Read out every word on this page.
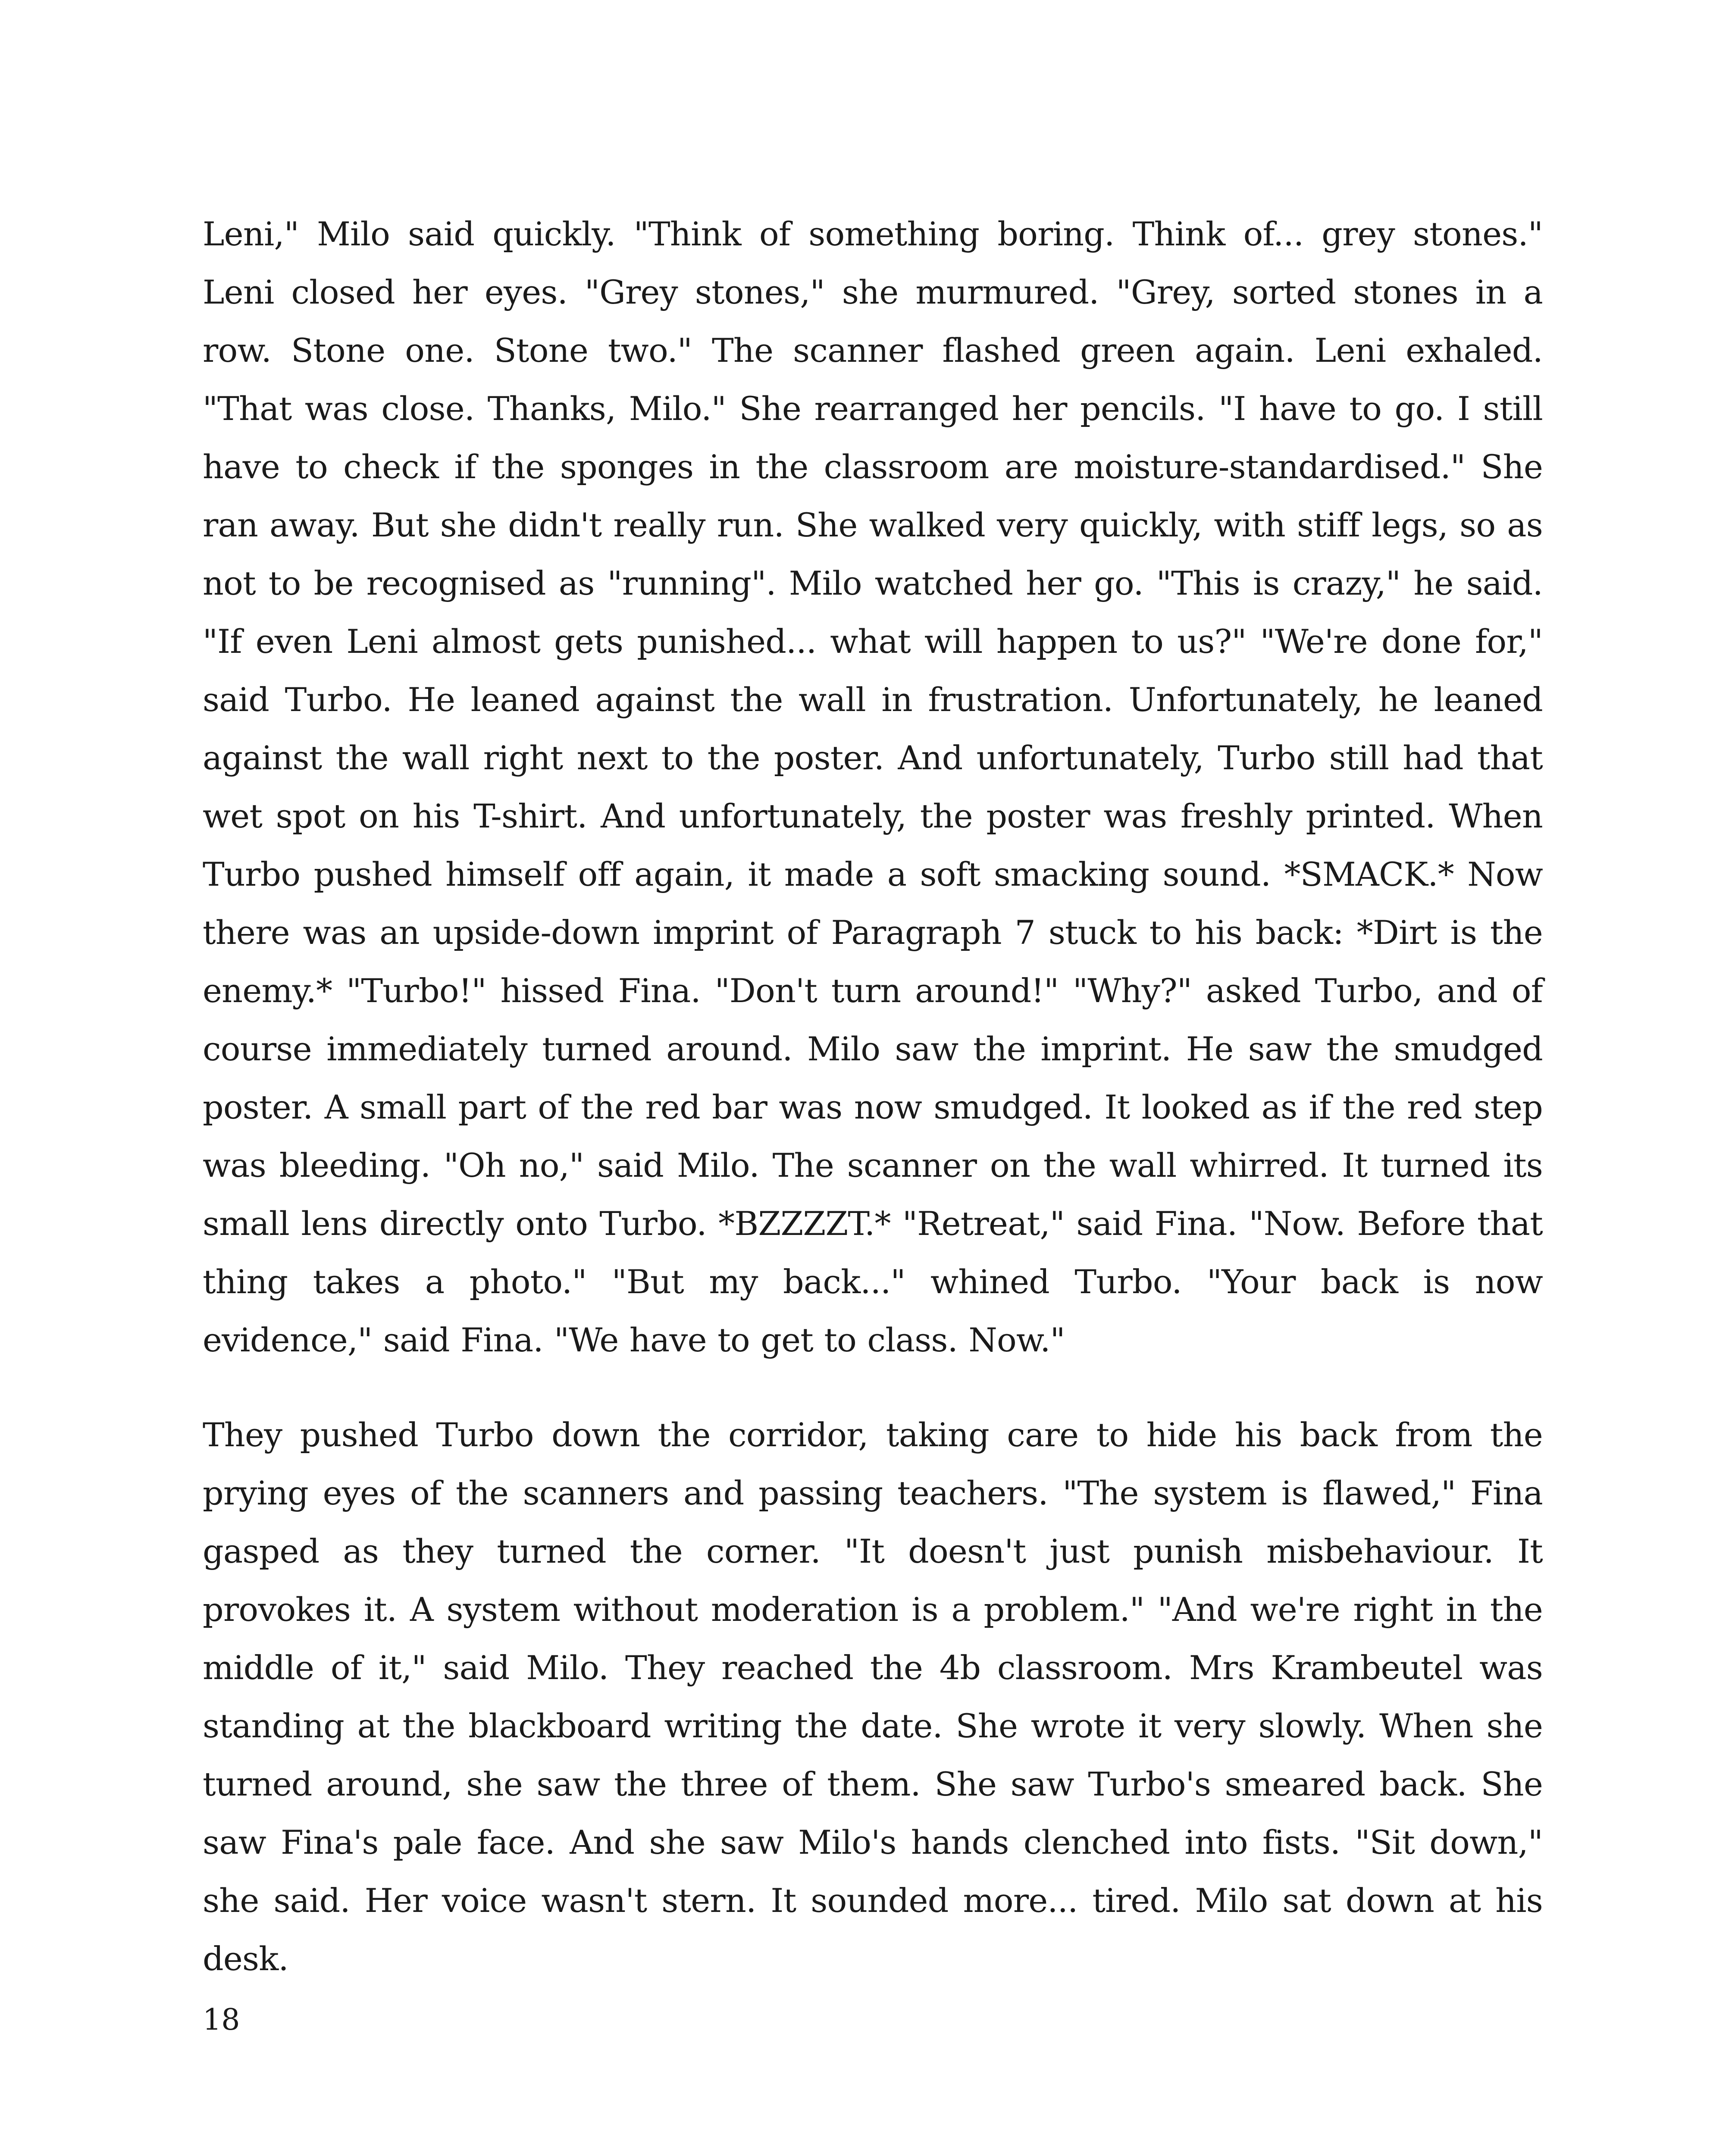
Leni," Milo said quickly. "Think of something boring. Think of... grey stones." Leni closed her eyes. "Grey stones," she murmured. "Grey, sorted stones in a row. Stone one. Stone two." The scanner flashed green again. Leni exhaled. "That was close. Thanks, Milo." She rearranged her pencils. "I have to go. I still have to check if the sponges in the classroom are moisture-standardised." She ran away. But she didn't really run. She walked very quickly, with stiff legs, so as not to be recognised as "running". Milo watched her go. "This is crazy," he said. "If even Leni almost gets punished... what will happen to us?" "We're done for," said Turbo. He leaned against the wall in frustration. Unfortunately, he leaned against the wall right next to the poster. And unfortunately, Turbo still had that wet spot on his T-shirt. And unfortunately, the poster was freshly printed. When Turbo pushed himself off again, it made a soft smacking sound. *SMACK.* Now there was an upside-down imprint of Paragraph 7 stuck to his back: *Dirt is the enemy.* "Turbo!" hissed Fina. "Don't turn around!" "Why?" asked Turbo, and of course immediately turned around. Milo saw the imprint. He saw the smudged poster. A small part of the red bar was now smudged. It looked as if the red step was bleeding. "Oh no," said Milo. The scanner on the wall whirred. It turned its small lens directly onto Turbo. *BZZZZT.* "Retreat," said Fina. "Now. Before that thing takes a photo." "But my back..." whined Turbo. "Your back is now evidence," said Fina. "We have to get to class. Now."

They pushed Turbo down the corridor, taking care to hide his back from the prying eyes of the scanners and passing teachers. "The system is flawed," Fina gasped as they turned the corner. "It doesn't just punish misbehaviour. It provokes it. A system without moderation is a problem." "And we're right in the middle of it," said Milo. They reached the 4b classroom. Mrs Krambeutel was standing at the blackboard writing the date. She wrote it very slowly. When she turned around, she saw the three of them. She saw Turbo's smeared back. She saw Fina's pale face. And she saw Milo's hands clenched into fists. "Sit down," she said. Her voice wasn't stern. It sounded more... tired. Milo sat down at his desk.

18
